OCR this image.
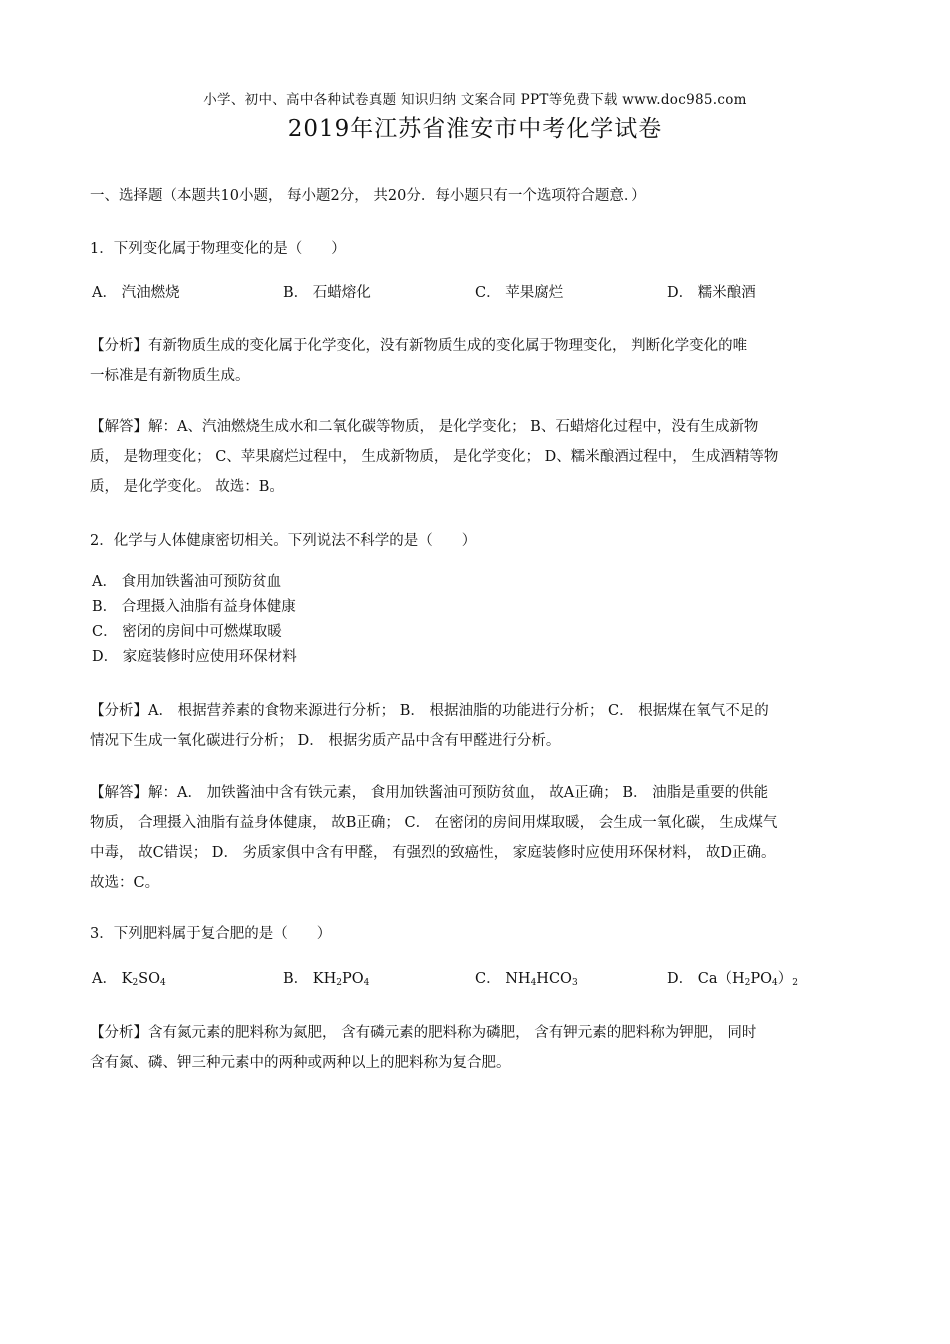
小学、初中、高中各种试卷真题 知识归纳 文案合同 PPT等免费下载 www.doc985.com
2019年江苏省淮安市中考化学试卷
一、选择题（本题共10小题， 每小题2分， 共20分．每小题只有一个选项符合题意．）
1．下列变化属于物理变化的是（　　）
A． 汽油燃烧	B． 石蜡熔化	C． 苹果腐烂	D． 糯米酿酒
【分析】有新物质生成的变化属于化学变化，没有新物质生成的变化属于物理变化， 判断化学变化的唯
一标准是有新物质生成。
【解答】解：A、汽油燃烧生成水和二氧化碳等物质， 是化学变化； B、石蜡熔化过程中，没有生成新物
质， 是物理变化； C、苹果腐烂过程中， 生成新物质， 是化学变化； D、糯米酿酒过程中， 生成酒精等物
质， 是化学变化。 故选：B。
2．化学与人体健康密切相关。下列说法不科学的是（　　）
A． 食用加铁酱油可预防贫血
B． 合理摄入油脂有益身体健康
C． 密闭的房间中可燃煤取暖
D． 家庭装修时应使用环保材料
【分析】A． 根据营养素的食物来源进行分析； B． 根据油脂的功能进行分析； C． 根据煤在氧气不足的
情况下生成一氧化碳进行分析； D． 根据劣质产品中含有甲醛进行分析。
【解答】解：A． 加铁酱油中含有铁元素， 食用加铁酱油可预防贫血， 故A正确； B． 油脂是重要的供能
物质， 合理摄入油脂有益身体健康， 故B正确； C． 在密闭的房间用煤取暖， 会生成一氧化碳， 生成煤气
中毒， 故C错误； D． 劣质家俱中含有甲醛， 有强烈的致癌性， 家庭装修时应使用环保材料， 故D正确。
故选：C。
3．下列肥料属于复合肥的是（　　）
A． $K_2SO_4$	B． $KH_2PO_4$	C． $NH_4HCO_3$	D． $Ca(H_2PO_4)_2$
【分析】含有氮元素的肥料称为氮肥， 含有磷元素的肥料称为磷肥， 含有钾元素的肥料称为钾肥， 同时
含有氮、磷、钾三种元素中的两种或两种以上的肥料称为复合肥。
